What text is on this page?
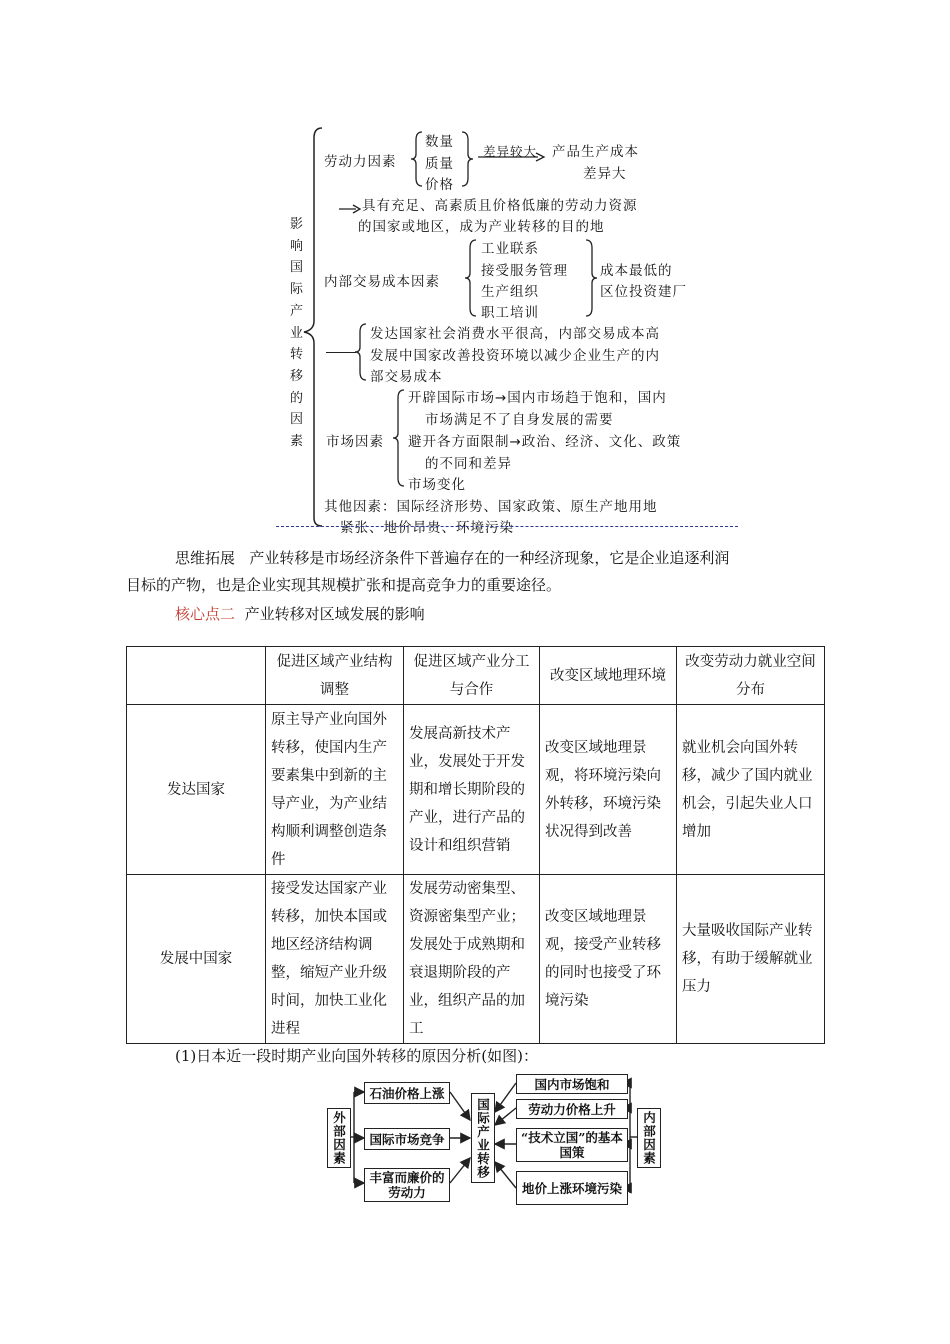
影响国际产业转移的因素
劳动力因素
数量
质量
价格
差异较大 产品生产成本
差异大
具有充足、高素质且价格低廉的劳动力资源
的国家或地区，成为产业转移的目的地
内部交易成本因素
工业联系
接受服务管理
生产组织
职工培训
成本最低的
区位投资建厂
发达国家社会消费水平很高，内部交易成本高
发展中国家改善投资环境以减少企业生产的内
部交易成本
市场因素
开辟国际市场→国内市场趋于饱和，国内
市场满足不了自身发展的需要
避开各方面限制→政治、经济、文化、政策
的不同和差异
市场变化
其他因素：国际经济形势、国家政策、原生产地用地
紧张、地价昂贵、环境污染
思维拓展 产业转移是市场经济条件下普遍存在的一种经济现象，它是企业追逐利润
目标的产物，也是企业实现其规模扩张和提高竞争力的重要途径。
核心点二 产业转移对区域发展的影响
	促进区域产业结构调整	促进区域产业分工与合作	改变区域地理环境	改变劳动力就业空间分布
发达国家	原主导产业向国外转移，使国内生产要素集中到新的主导产业，为产业结构顺利调整创造条件	发展高新技术产业，发展处于开发期和增长期阶段的产业，进行产品的设计和组织营销	改变区域地理景观，将环境污染向外转移，环境污染状况得到改善	就业机会向国外转移，减少了国内就业机会，引起失业人口增加
发展中国家	接受发达国家产业转移，加快本国或地区经济结构调整，缩短产业升级时间，加快工业化进程	发展劳动密集型、资源密集型产业；发展处于成熟期和衰退期阶段的产业，组织产品的加工	改变区域地理景观，接受产业转移的同时也接受了环境污染	大量吸收国际产业转移，有助于缓解就业压力
(1)日本近一段时期产业向国外转移的原因分析(如图)：
外部因素
石油价格上涨
国际市场竞争
丰富而廉价的劳动力
国际产业转移
国内市场饱和
劳动力价格上升
“技术立国”的基本国策
地价上涨环境污染
内部因素
